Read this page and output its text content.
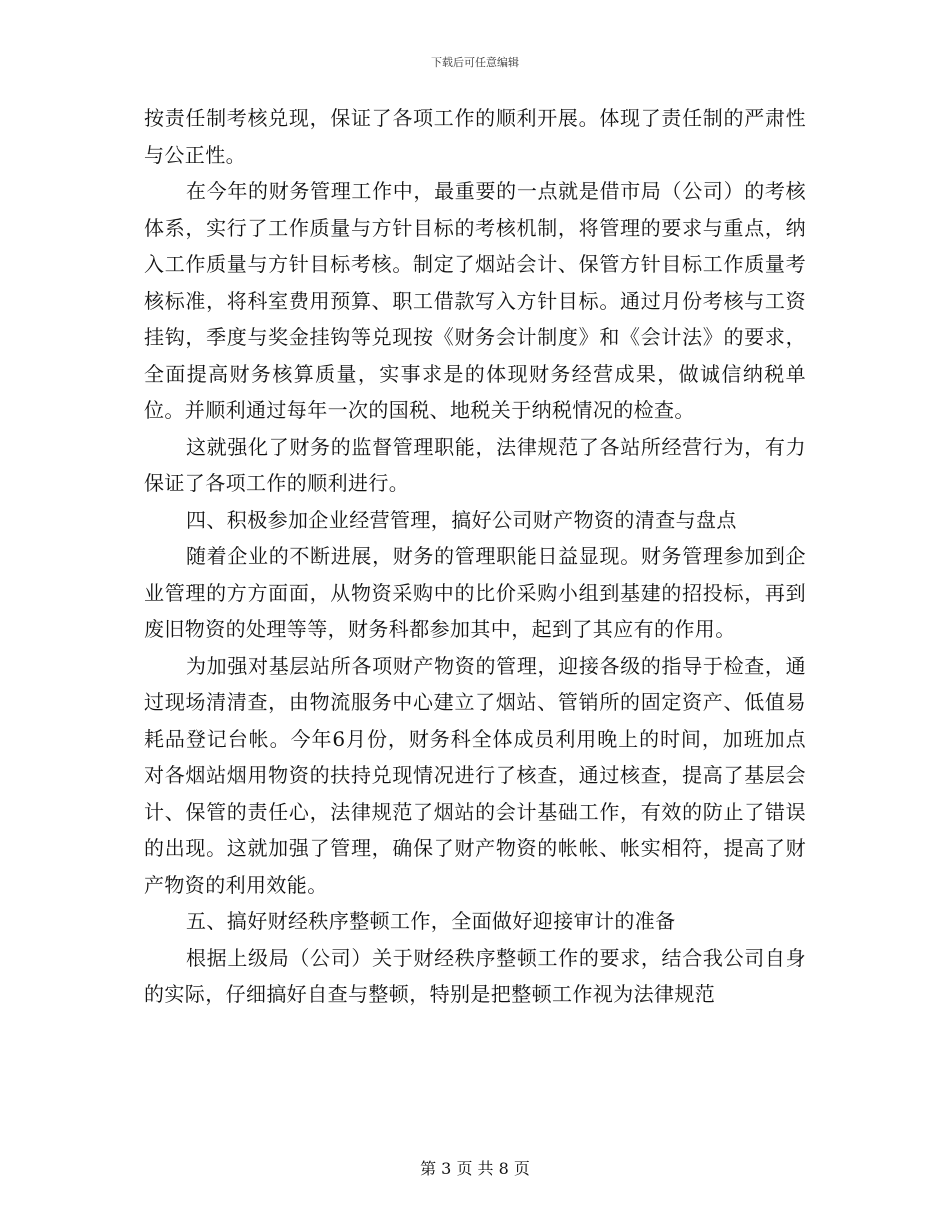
下载后可任意编辑

按责任制考核兑现，保证了各项工作的顺利开展。体现了责任制的严肃性与公正性。

在今年的财务管理工作中，最重要的一点就是借市局（公司）的考核体系，实行了工作质量与方针目标的考核机制，将管理的要求与重点，纳入工作质量与方针目标考核。制定了烟站会计、保管方针目标工作质量考核标准，将科室费用预算、职工借款写入方针目标。通过月份考核与工资挂钩，季度与奖金挂钩等兑现按《财务会计制度》和《会计法》的要求，全面提高财务核算质量，实事求是的体现财务经营成果，做诚信纳税单位。并顺利通过每年一次的国税、地税关于纳税情况的检查。

这就强化了财务的监督管理职能，法律规范了各站所经营行为，有力保证了各项工作的顺利进行。

四、积极参加企业经营管理，搞好公司财产物资的清查与盘点

随着企业的不断进展，财务的管理职能日益显现。财务管理参加到企业管理的方方面面，从物资采购中的比价采购小组到基建的招投标，再到废旧物资的处理等等，财务科都参加其中，起到了其应有的作用。

为加强对基层站所各项财产物资的管理，迎接各级的指导于检查，通过现场清清查，由物流服务中心建立了烟站、管销所的固定资产、低值易耗品登记台帐。今年6月份，财务科全体成员利用晚上的时间，加班加点对各烟站烟用物资的扶持兑现情况进行了核查，通过核查，提高了基层会计、保管的责任心，法律规范了烟站的会计基础工作，有效的防止了错误的出现。这就加强了管理，确保了财产物资的帐帐、帐实相符，提高了财产物资的利用效能。

五、搞好财经秩序整顿工作，全面做好迎接审计的准备

根据上级局（公司）关于财经秩序整顿工作的要求，结合我公司自身的实际，仔细搞好自查与整顿，特别是把整顿工作视为法律规范

第 3 页 共 8 页
